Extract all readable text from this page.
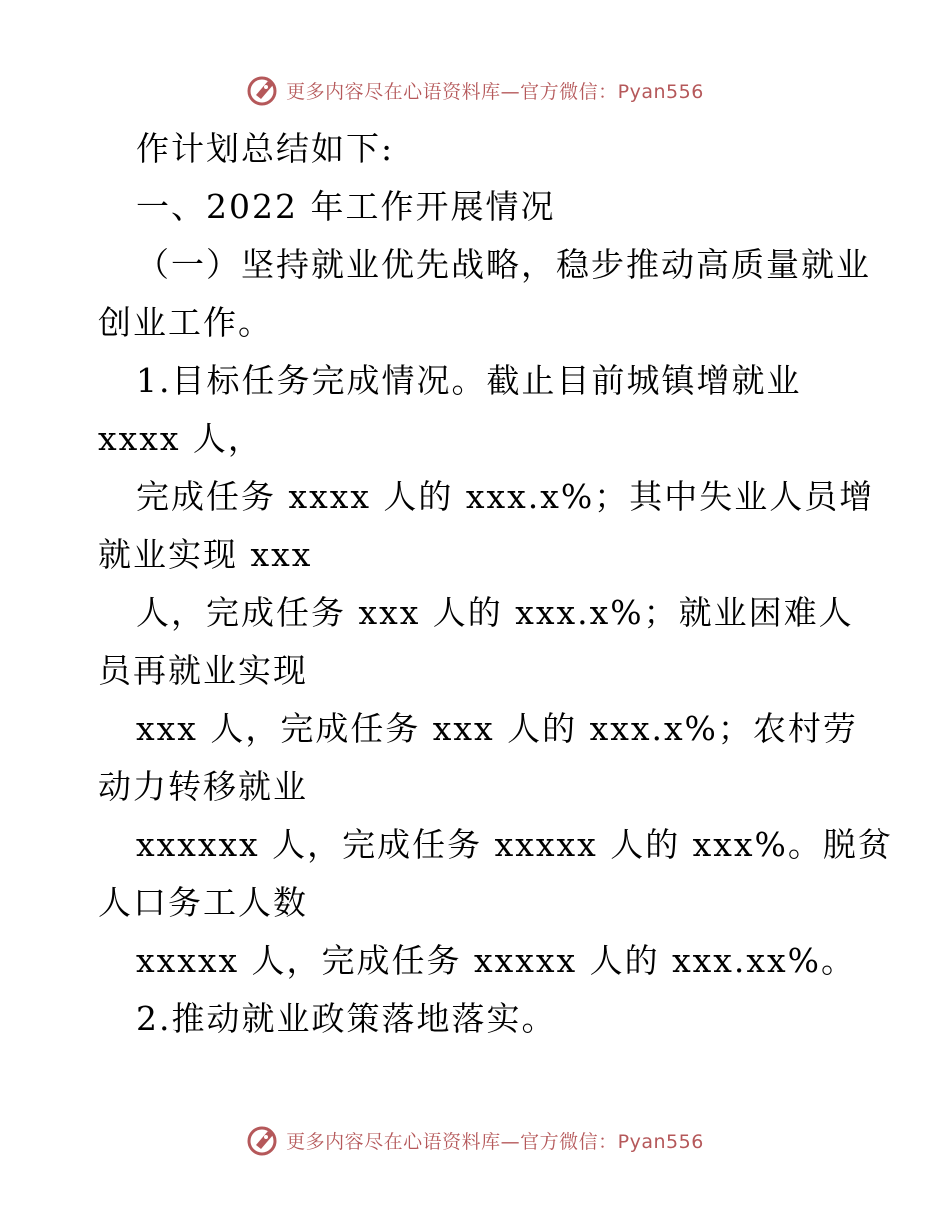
更多内容尽在心语资料库—官方微信：Pyan556
作计划总结如下:
一、2022 年工作开展情况
（一）坚持就业优先战略，稳步推动高质量就业
创业工作。
1.目标任务完成情况。截止目前城镇增就业
xxxx 人，
完成任务 xxxx 人的 xxx.x%；其中失业人员增
就业实现 xxx
人，完成任务 xxx 人的 xxx.x%；就业困难人
员再就业实现
xxx 人，完成任务 xxx 人的 xxx.x%；农村劳
动力转移就业
xxxxxx 人，完成任务 xxxxx 人的 xxx%。脱贫
人口务工人数
xxxxx 人，完成任务 xxxxx 人的 xxx.xx%。
2.推动就业政策落地落实。
更多内容尽在心语资料库—官方微信：Pyan556
